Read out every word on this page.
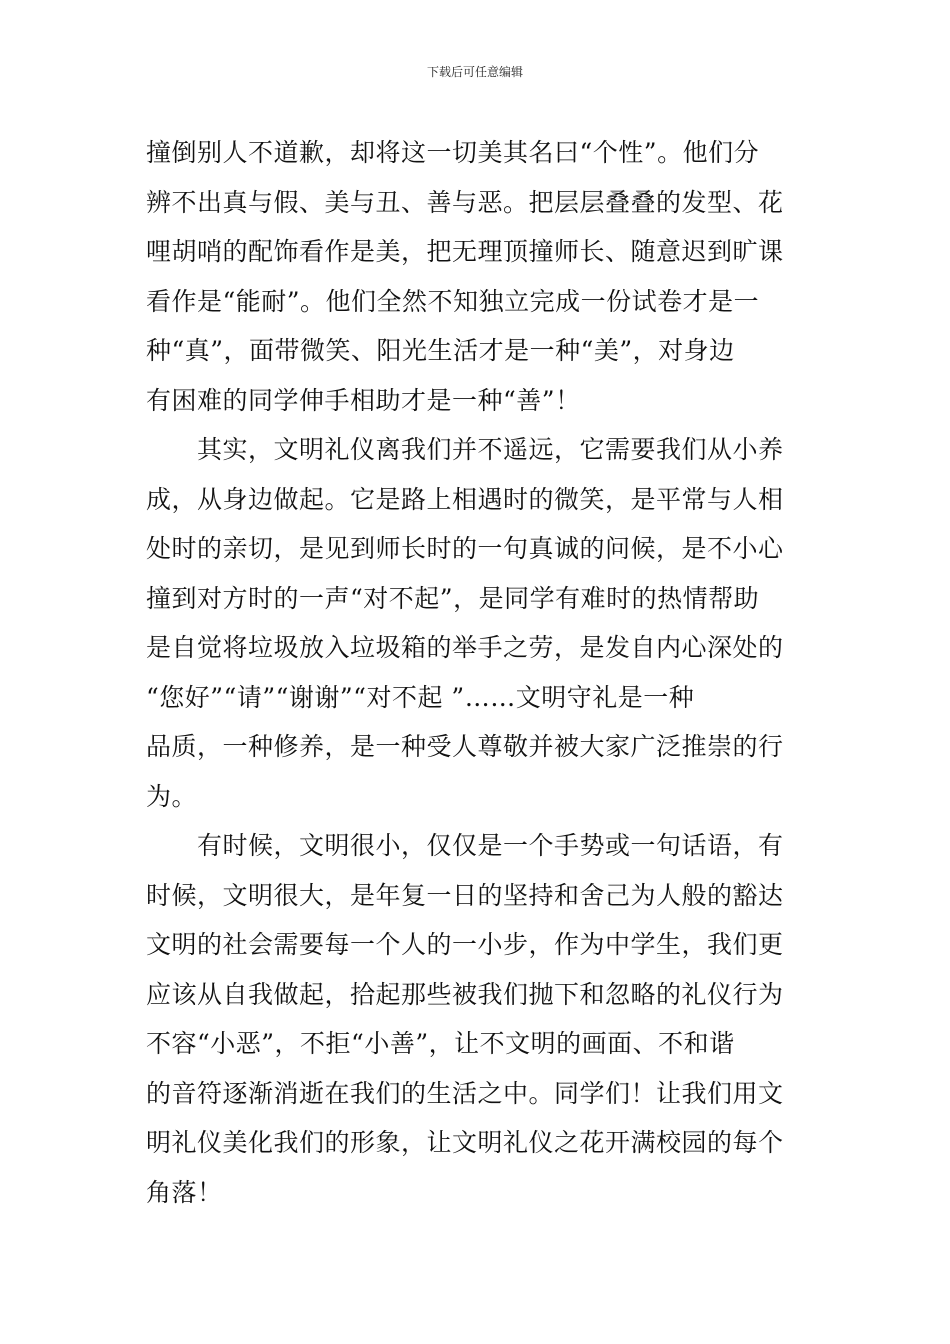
下载后可任意编辑
撞倒别人不道歉，却将这一切美其名曰“个性”。他们分
辨不出真与假、美与丑、善与恶。把层层叠叠的发型、花
哩胡哨的配饰看作是美，把无理顶撞师长、随意迟到旷课
看作是“能耐”。他们全然不知独立完成一份试卷才是一
种“真”，面带微笑、阳光生活才是一种“美”，对身边
有困难的同学伸手相助才是一种“善”！
　　其实，文明礼仪离我们并不遥远，它需要我们从小养
成，从身边做起。它是路上相遇时的微笑，是平常与人相
处时的亲切，是见到师长时的一句真诚的问候，是不小心
撞到对方时的一声“对不起”，是同学有难时的热情帮助
是自觉将垃圾放入垃圾箱的举手之劳，是发自内心深处的
“您好”“请”“谢谢”“对不起 ”……文明守礼是一种
品质，一种修养，是一种受人尊敬并被大家广泛推崇的行
为。
　　有时候，文明很小，仅仅是一个手势或一句话语，有
时候，文明很大，是年复一日的坚持和舍己为人般的豁达
文明的社会需要每一个人的一小步，作为中学生，我们更
应该从自我做起，拾起那些被我们抛下和忽略的礼仪行为
不容“小恶”，不拒“小善”，让不文明的画面、不和谐
的音符逐渐消逝在我们的生活之中。同学们！让我们用文
明礼仪美化我们的形象，让文明礼仪之花开满校园的每个
角落！
